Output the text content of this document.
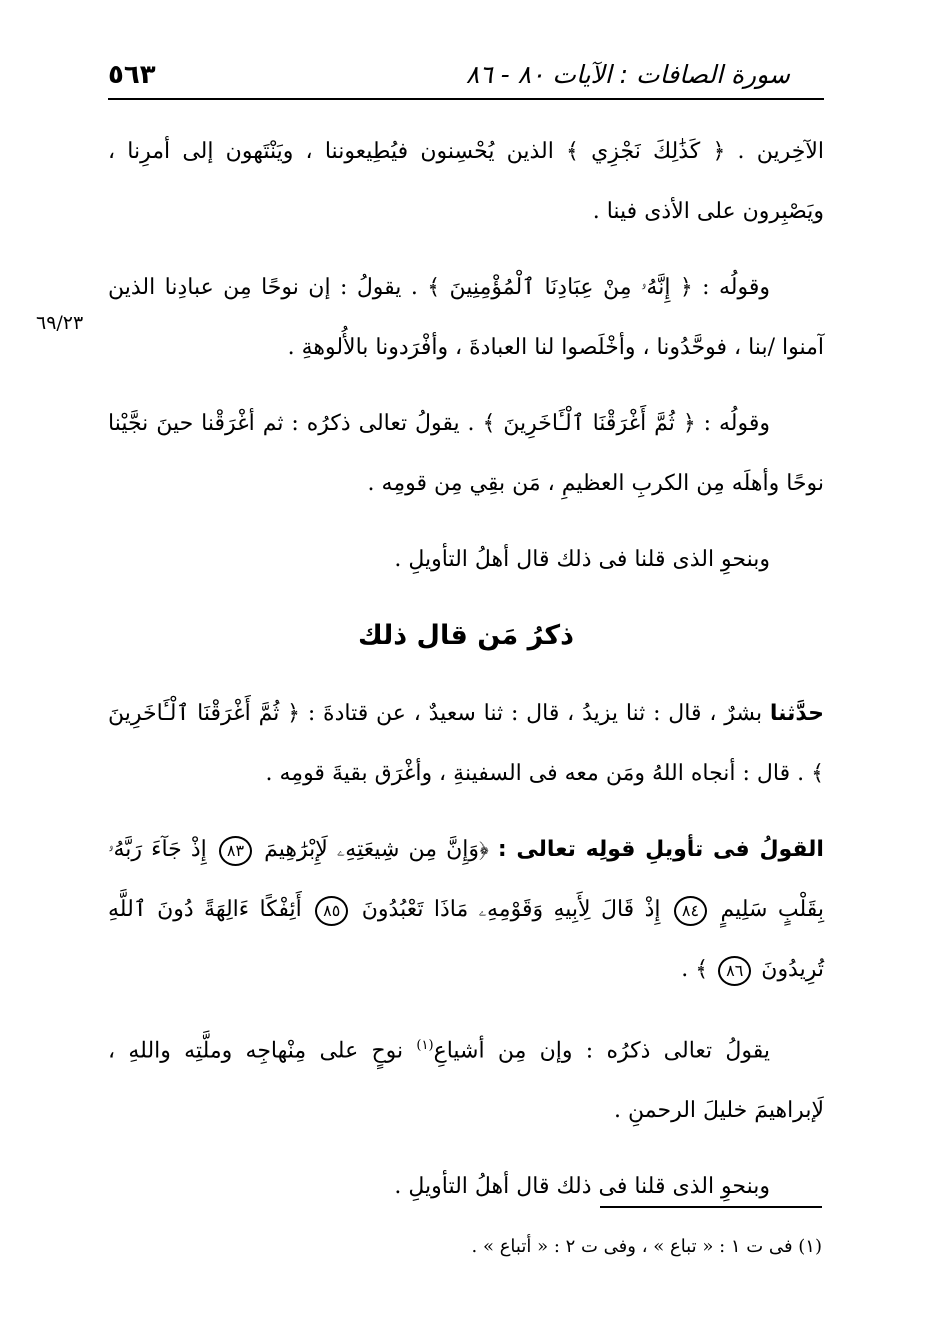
٥٦٣	سورة الصافات : الآيات ٨٠ - ٨٦
٦٩/٢٣

الآخِرين . ﴿ كَذَٰلِكَ نَجْزِي ﴾ الذين يُحْسِنون فيُطِيعوننا ، ويَنْتَهون إلى أمرِنا ، ويَصْبِرون على الأذى فينا .

وقولُه : ﴿ إِنَّهُۥ مِنْ عِبَادِنَا ٱلْمُؤْمِنِينَ ﴾ . يقولُ : إن نوحًا مِن عبادِنا الذين آمنوا /بنا ، فوحَّدُونا ، وأخْلَصوا لنا العبادةَ ، وأفْرَدونا بالأُلوهةِ .

وقولُه : ﴿ ثُمَّ أَغْرَقْنَا ٱلْـَٔاخَرِينَ ﴾ . يقولُ تعالى ذكرُه : ثم أغْرَقْنا حينَ نجَّيْنا نوحًا وأهلَه مِن الكربِ العظيمِ ، مَن بقِي مِن قومِه .

وبنحوِ الذى قلنا فى ذلك قال أهلُ التأويلِ .

ذكرُ مَن قال ذلك

حدَّثنا بشرٌ ، قال : ثنا يزيدُ ، قال : ثنا سعيدٌ ، عن قتادةَ : ﴿ ثُمَّ أَغْرَقْنَا ٱلْـَٔاخَرِينَ ﴾ . قال : أنجاه اللهُ ومَن معه فى السفينةِ ، وأغْرَق بقيةَ قومِه .

القولُ فى تأويلِ قولِه تعالى : ﴿وَإِنَّ مِن شِيعَتِهِۦ لَإِبْرَٰهِيمَ ٨٣ إِذْ جَآءَ رَبَّهُۥ بِقَلْبٍ سَلِيمٍ ٨٤ إِذْ قَالَ لِأَبِيهِ وَقَوْمِهِۦ مَاذَا تَعْبُدُونَ ٨٥ أَئِفْكًا ءَالِهَةً دُونَ ٱللَّهِ تُرِيدُونَ ٨٦ ﴾ .

يقولُ تعالى ذكرُه : وإن مِن أشياعِ$^{(١)}$ نوحٍ على مِنْهاجِه وملَّتِه واللهِ ، لَإبراهيمَ خليلَ الرحمنِ .

وبنحوِ الذى قلنا فى ذلك قال أهلُ التأويلِ .

(١) فى ت ١ : « تباع » ، وفى ت ٢ : « أتباع » .
